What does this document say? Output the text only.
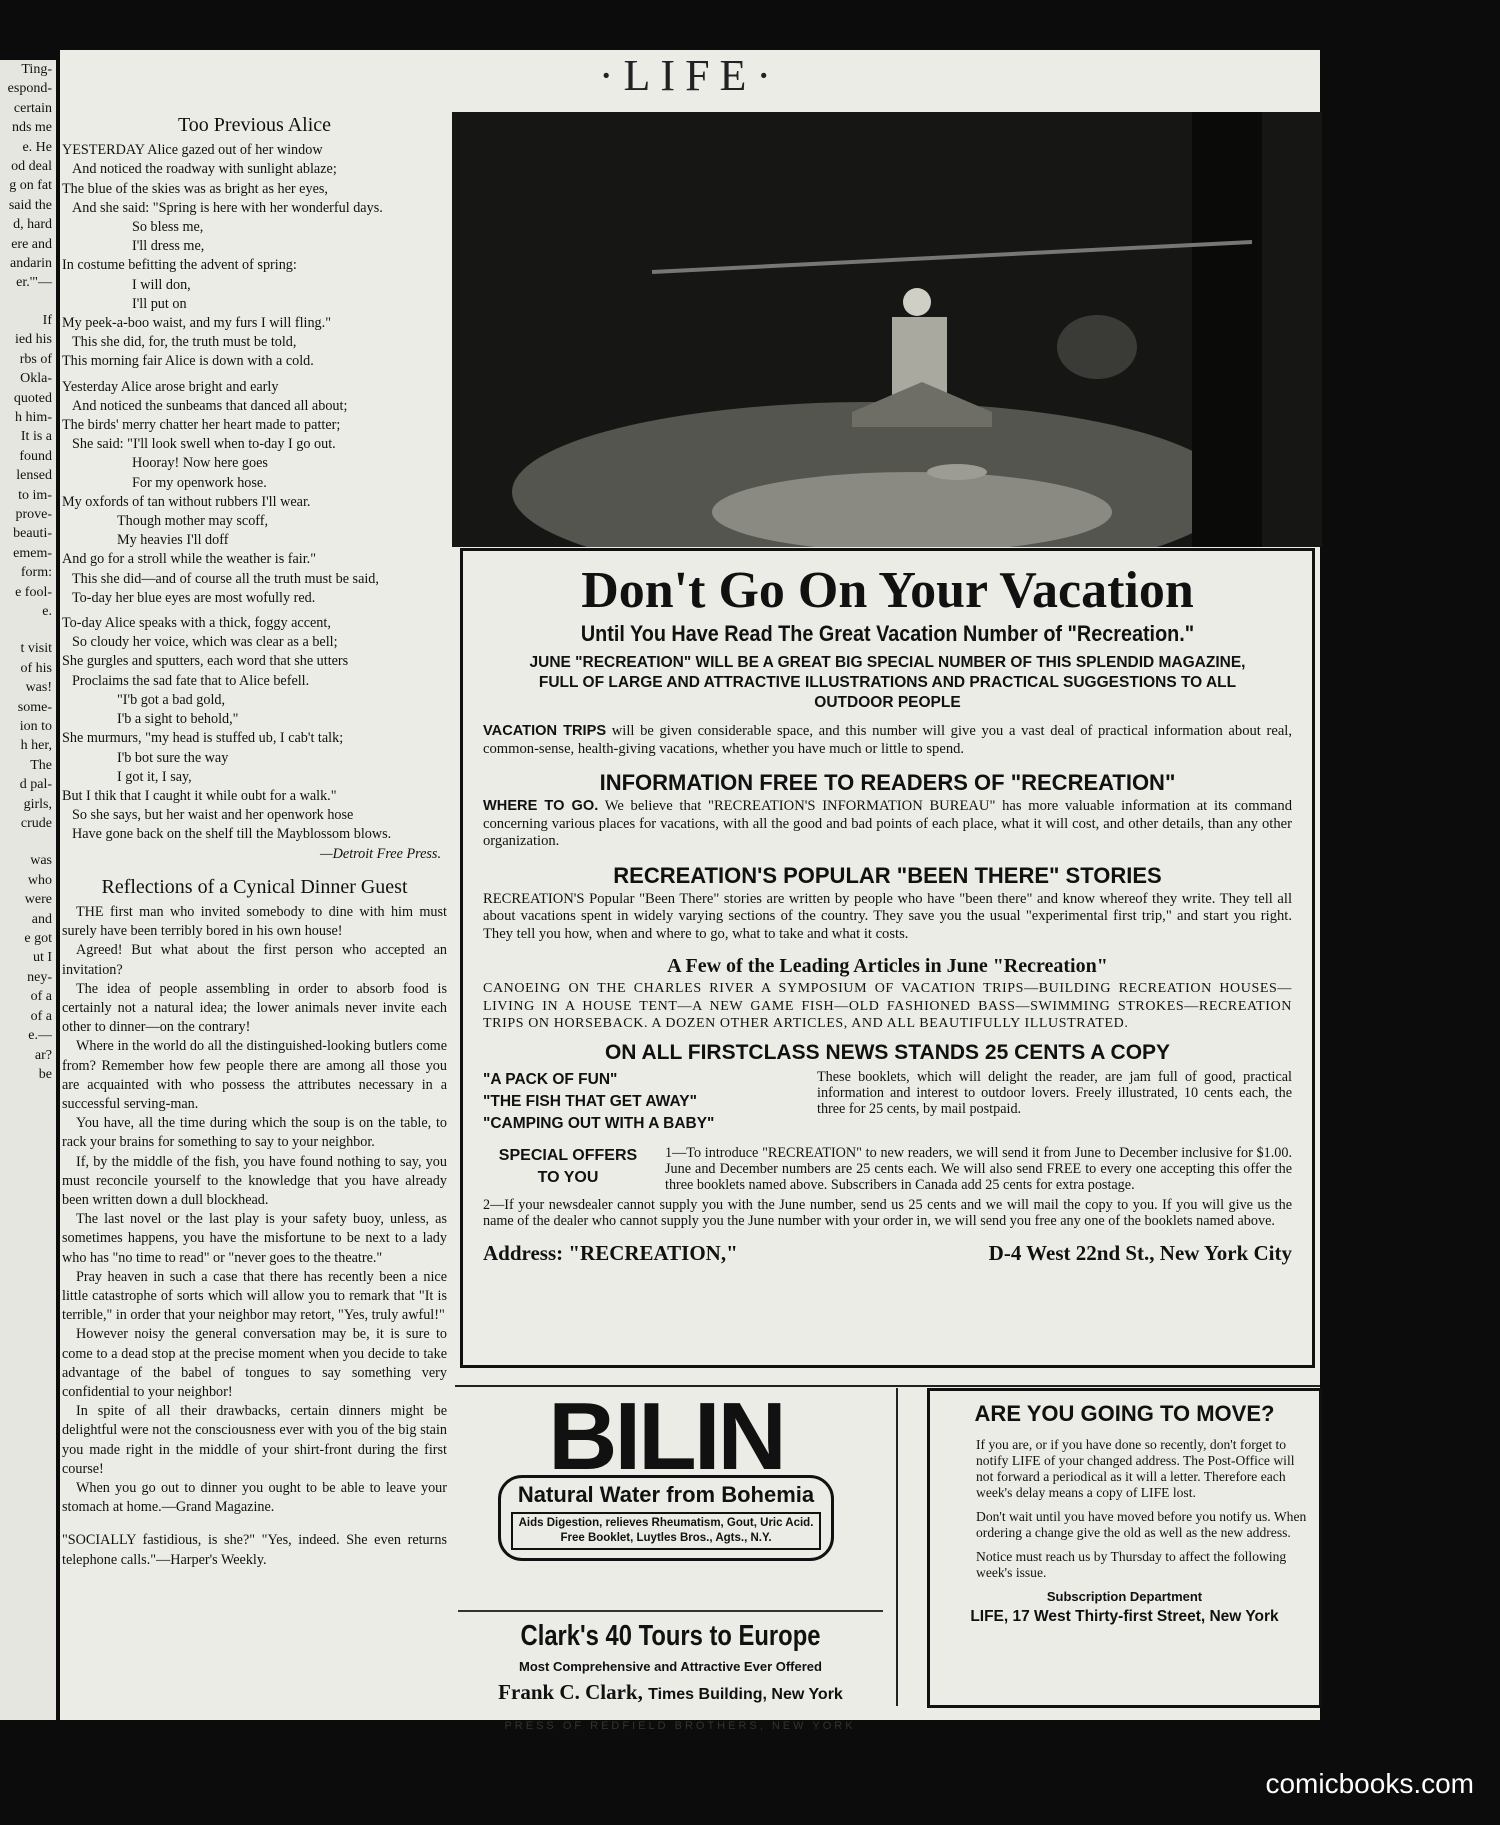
Ting-
espond-
certain
nds me
e. He
od deal
g on fat
said the
d, hard
ere and
andarin
er.'"—
If
ied his
rbs of
Okla-
quoted
h him-
It is a
found
lensed
to im-
prove-
beauti-
emem-
form:
e fool-
e.
t visit
of his
was!
some-
ion to
h her,
The
d pal-
girls,
crude
was
who
were
and
e got
ut I
ney-
of a
of a
e.—
ar?
be
·LIFE·
Too Previous Alice
YESTERDAY Alice gazed out of her window
And noticed the roadway with sunlight ablaze;
The blue of the skies was as bright as her eyes,
And she said: "Spring is here with her wonderful days.
So bless me,
I'll dress me,
In costume befitting the advent of spring:
I will don,
I'll put on
My peek-a-boo waist, and my furs I will fling."
This she did, for, the truth must be told,
This morning fair Alice is down with a cold.
Yesterday Alice arose bright and early
And noticed the sunbeams that danced all about;
The birds' merry chatter her heart made to patter;
She said: "I'll look swell when to-day I go out.
Hooray! Now here goes
For my openwork hose.
My oxfords of tan without rubbers I'll wear.
Though mother may scoff,
My heavies I'll doff
And go for a stroll while the weather is fair."
This she did—and of course all the truth must be said,
To-day her blue eyes are most wofully red.
To-day Alice speaks with a thick, foggy accent,
So cloudy her voice, which was clear as a bell;
She gurgles and sputters, each word that she utters
Proclaims the sad fate that to Alice befell.
"I'b got a bad gold,
I'b a sight to behold,"
She murmurs, "my head is stuffed ub, I cab't talk;
I'b bot sure the way
I got it, I say,
But I thik that I caught it while oubt for a walk."
So she says, but her waist and her openwork hose
Have gone back on the shelf till the Mayblossom blows.
—Detroit Free Press.
Reflections of a Cynical Dinner Guest

THE first man who invited somebody to dine with him must surely have been terribly bored in his own house!

Agreed! But what about the first person who accepted an invitation?

The idea of people assembling in order to absorb food is certainly not a natural idea; the lower animals never invite each other to dinner—on the contrary!

Where in the world do all the distinguished-looking butlers come from? Remember how few people there are among all those you are acquainted with who possess the attributes necessary in a successful serving-man.

You have, all the time during which the soup is on the table, to rack your brains for something to say to your neighbor.

If, by the middle of the fish, you have found nothing to say, you must reconcile yourself to the knowledge that you have already been written down a dull blockhead.

The last novel or the last play is your safety buoy, unless, as sometimes happens, you have the misfortune to be next to a lady who has "no time to read" or "never goes to the theatre."

Pray heaven in such a case that there has recently been a nice little catastrophe of sorts which will allow you to remark that "It is terrible," in order that your neighbor may retort, "Yes, truly awful!"

However noisy the general conversation may be, it is sure to come to a dead stop at the precise moment when you decide to take advantage of the babel of tongues to say something very confidential to your neighbor!

In spite of all their drawbacks, certain dinners might be delightful were not the consciousness ever with you of the big stain you made right in the middle of your shirt-front during the first course!

When you go out to dinner you ought to be able to leave your stomach at home.—Grand Magazine.

"SOCIALLY fastidious, is she?" "Yes, indeed. She even returns telephone calls."—Harper's Weekly.

Don't Go On Your Vacation
Until You Have Read The Great Vacation Number of "Recreation."
JUNE "RECREATION" WILL BE A GREAT BIG SPECIAL NUMBER OF THIS SPLENDID MAGAZINE, FULL OF LARGE AND ATTRACTIVE ILLUSTRATIONS AND PRACTICAL SUGGESTIONS TO ALL OUTDOOR PEOPLE
VACATION TRIPS will be given considerable space, and this number will give you a vast deal of practical information about real, common-sense, health-giving vacations, whether you have much or little to spend.
INFORMATION FREE TO READERS OF "RECREATION"
WHERE TO GO. We believe that "RECREATION'S INFORMATION BUREAU" has more valuable information at its command concerning various places for vacations, with all the good and bad points of each place, what it will cost, and other details, than any other organization.
RECREATION'S POPULAR "BEEN THERE" STORIES
RECREATION'S Popular "Been There" stories are written by people who have "been there" and know whereof they write. They tell all about vacations spent in widely varying sections of the country. They save you the usual "experimental first trip," and start you right. They tell you how, when and where to go, what to take and what it costs.
A Few of the Leading Articles in June "Recreation"
CANOEING ON THE CHARLES RIVER A SYMPOSIUM OF VACATION TRIPS—BUILDING RECREATION HOUSES—LIVING IN A HOUSE TENT—A NEW GAME FISH—OLD FASHIONED BASS—SWIMMING STROKES—RECREATION TRIPS ON HORSEBACK. A DOZEN OTHER ARTICLES, AND ALL BEAUTIFULLY ILLUSTRATED.
ON ALL FIRSTCLASS NEWS STANDS 25 CENTS A COPY
"A PACK OF FUN"
"THE FISH THAT GET AWAY"
"CAMPING OUT WITH A BABY"
These booklets, which will delight the reader, are jam full of good, practical information and interest to outdoor lovers. Freely illustrated, 10 cents each, the three for 25 cents, by mail postpaid.
SPECIAL OFFERS
TO YOU
1—To introduce "RECREATION" to new readers, we will send it from June to December inclusive for $1.00. June and December numbers are 25 cents each. We will also send FREE to every one accepting this offer the three booklets named above. Subscribers in Canada add 25 cents for extra postage.
2—If your newsdealer cannot supply you with the June number, send us 25 cents and we will mail the copy to you. If you will give us the name of the dealer who cannot supply you the June number with your order in, we will send you free any one of the booklets named above.
Address: "RECREATION,"	D-4 West 22nd St., New York City
BILIN
Natural Water from Bohemia
Aids Digestion, relieves Rheumatism, Gout, Uric Acid.
Free Booklet, Luytles Bros., Agts., N.Y.
Clark's 40 Tours to Europe
Most Comprehensive and Attractive Ever Offered
Frank C. Clark, Times Building, New York
ARE YOU GOING TO MOVE?

If you are, or if you have done so recently, don't forget to notify LIFE of your changed address. The Post-Office will not forward a periodical as it will a letter. Therefore each week's delay means a copy of LIFE lost.

Don't wait until you have moved before you notify us. When ordering a change give the old as well as the new address.

Notice must reach us by Thursday to affect the following week's issue.

Subscription Department
LIFE, 17 West Thirty-first Street, New York
PRESS OF REDFIELD BROTHERS, NEW YORK
comicbooks.com
